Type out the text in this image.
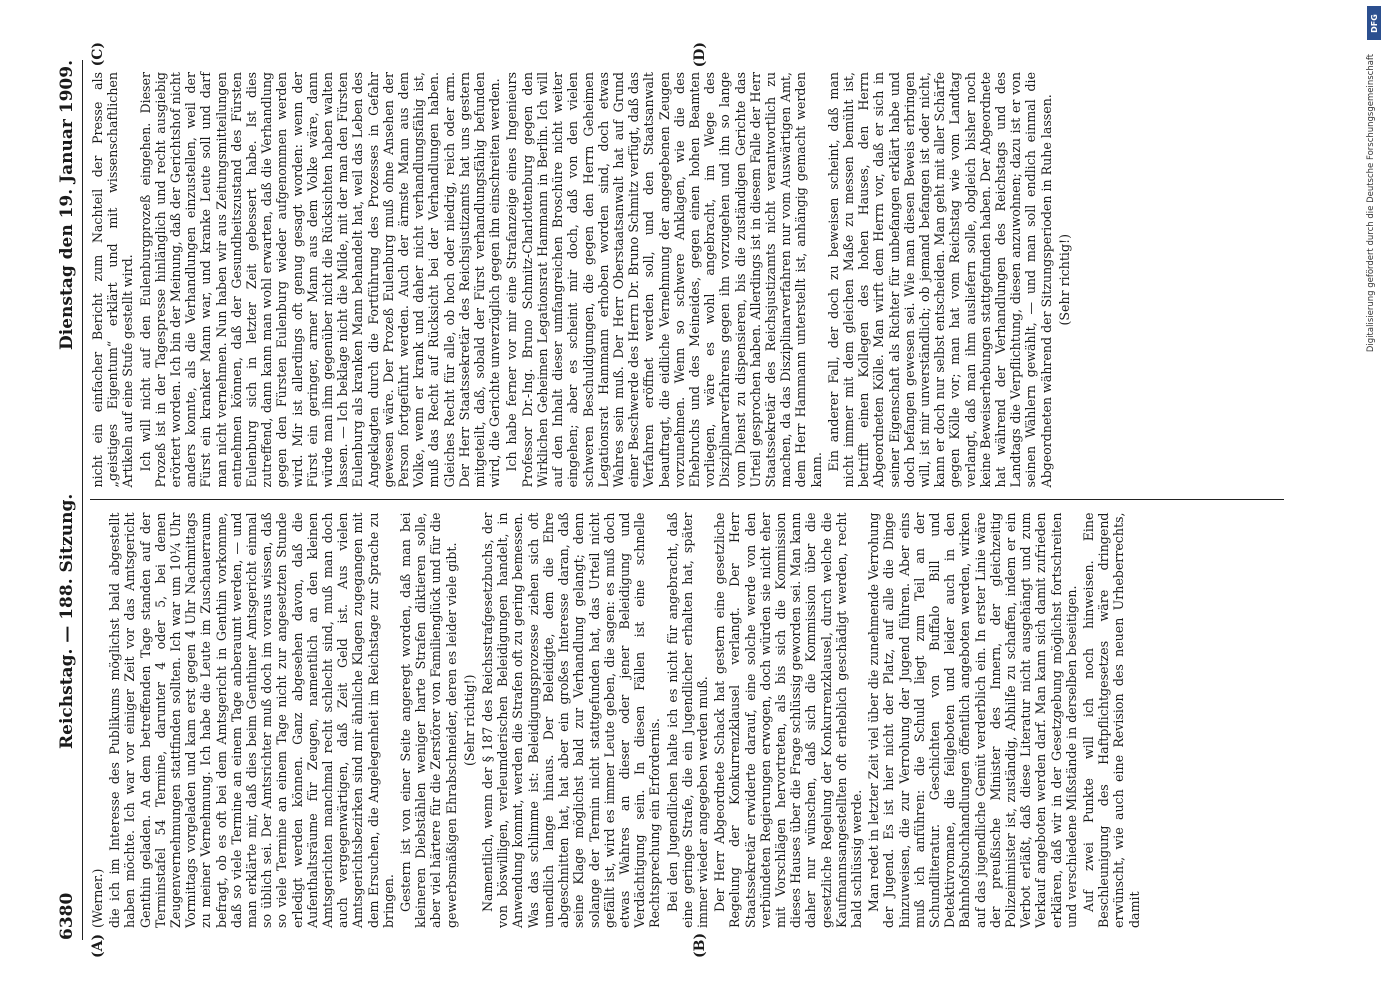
6380
Reichstag. — 188. Sitzung.
Dienstag den 19. Januar 1909.
(A)	(B)
(C)	(D)

(Werner.) die ich im Interesse des Publikums möglichst bald abgestellt haben möchte. Ich war vor einiger Zeit vor das Amtsgericht Genthin geladen. An dem betreffenden Tage standen auf der Terminstafel 54 Termine, darunter 4 oder 5, bei denen Zeugenvernehmungen stattfinden sollten. Ich war um 10¼ Uhr Vormittags vorgeladen und kam erst gegen 4 Uhr Nachmittags zu meiner Vernehmung. Ich habe die Leute im Zuschauerraum befragt, ob es oft bei dem Amtsgericht in Genthin vorkomme, daß so viele Termine an einem Tage anberaumt werden, — und man erklärte mir, daß dies beim Genthiner Amtsgericht einmal so üblich sei. Der Amtsrichter muß doch im voraus wissen, daß so viele Termine an einem Tage nicht zur angesetzten Stunde erledigt werden können. Ganz abgesehen davon, daß die Aufenthaltsräume für Zeugen, namentlich an den kleinen Amtsgerichten manchmal recht schlecht sind, muß man doch auch vergegenwärtigen, daß Zeit Geld ist. Aus vielen Amtsgerichtsbezirken sind mir ähnliche Klagen zugegangen mit dem Ersuchen, die Angelegenheit im Reichstage zur Sprache zu bringen. Gestern ist von einer Seite angeregt worden, daß man bei kleineren Diebstählen weniger harte Strafen diktieren solle, aber viel härtere für die Zerstörer von Familienglück und für die gewerbsmäßigen Ehrabschneider, deren es leider viele gibt. (Sehr richtig!) Namentlich, wenn der § 187 des Reichsstrafgesetzbuchs, der von böswilligen, verleumderischen Beleidigungen handelt, in Anwendung kommt, werden die Strafen oft zu gering bemessen. Was das schlimme ist: Beleidigungsprozesse ziehen sich oft unendlich lange hinaus. Der Beleidigte, dem die Ehre abgeschnitten hat, hat aber ein großes Interesse daran, daß seine Klage möglichst bald zur Verhandlung gelangt; denn solange der Termin nicht stattgefunden hat, das Urteil nicht gefällt ist, wird es immer Leute geben, die sagen: es muß doch etwas Wahres an dieser oder jener Beleidigung und Verdächtigung sein. In diesen Fällen ist eine schnelle Rechtsprechung ein Erfordernis. Bei den Jugendlichen halte ich es nicht für angebracht, daß eine geringe Strafe, die ein Jugendlicher erhalten hat, später immer wieder angegeben werden muß. Der Herr Abgeordnete Schack hat gestern eine gesetzliche Regelung der Konkurrenzklausel verlangt. Der Herr Staatssekretär erwiderte darauf, eine solche werde von den verbündeten Regierungen erwogen, doch würden sie nicht eher mit Vorschlägen hervortreten, als bis sich die Kommission dieses Hauses über die Frage schlüssig geworden sei. Man kann daher nur wünschen, daß sich die Kommission über die gesetzliche Regelung der Konkurrenzklausel, durch welche die Kaufmannsangestellten oft erheblich geschädigt werden, recht bald schlüssig werde. Man redet in letzter Zeit viel über die zunehmende Verrohung der Jugend. Es ist hier nicht der Platz, auf alle die Dinge hinzuweisen, die zur Verrohung der Jugend führen. Aber eins muß ich anführen: die Schuld liegt zum Teil an der Schundliteratur. Geschichten von Buffalo Bill und Detektivromane, die feilgeboten und leider auch in den Bahnhofsbuchhandlungen öffentlich angeboten werden, wirken auf das jugendliche Gemüt verderblich ein. In erster Linie wäre der preußische Minister des Innern, der gleichzeitig Polizeiminister ist, zuständig, Abhilfe zu schaffen, indem er ein Verbot erläßt, daß diese Literatur nicht ausgehängt und zum Verkauf angeboten werden darf. Man kann sich damit zufrieden erklären, daß wir in der Gesetzgebung möglichst fortschreiten und verschiedene Mißstände in derselben beseitigen. Auf zwei Punkte will ich noch hinweisen. Eine Beschleunigung des Haftpflichtgesetzes wäre dringend erwünscht, wie auch eine Revision des neuen Urheberrechts, damit

nicht ein einfacher Bericht zum Nachteil der Presse als „geistiges Eigentum“ erklärt und mit wissenschaftlichen Artikeln auf eine Stufe gestellt wird. Ich will nicht auf den Eulenburgprozeß eingehen. Dieser Prozeß ist in der Tagespresse hinlänglich und recht ausgiebig erörtert worden. Ich bin der Meinung, daß der Gerichtshof nicht anders konnte, als die Verhandlungen einzustellen, weil der Fürst ein kranker Mann war, und kranke Leute soll und darf man nicht vernehmen. Nun haben wir aus Zeitungsmitteilungen entnehmen können, daß der Gesundheitszustand des Fürsten Eulenburg sich in letzter Zeit gebessert habe. Ist dies zutreffend, dann kann man wohl erwarten, daß die Verhandlung gegen den Fürsten Eulenburg wieder aufgenommen werden wird. Mir ist allerdings oft genug gesagt worden: wenn der Fürst ein geringer, armer Mann aus dem Volke wäre, dann würde man ihm gegenüber nicht die Rücksichten haben walten lassen. — Ich beklage nicht die Milde, mit der man den Fürsten Eulenburg als kranken Mann behandelt hat, weil das Leben des Angeklagten durch die Fortführung des Prozesses in Gefahr gewesen wäre. Der Prozeß Eulenburg muß ohne Ansehen der Person fortgeführt werden. Auch der ärmste Mann aus dem Volke, wenn er krank und daher nicht verhandlungsfähig ist, muß das Recht auf Rücksicht bei der Verhandlungen haben. Gleiches Recht für alle, ob hoch oder niedrig, reich oder arm. Der Herr Staatssekretär des Reichsjustizamts hat uns gestern mitgeteilt, daß, sobald der Fürst verhandlungsfähig befunden wird, die Gerichte unverzüglich gegen ihn einschreiten werden. Ich habe ferner vor mir eine Strafanzeige eines Ingenieurs Professor Dr.-Ing. Bruno Schmitz-Charlottenburg gegen den Wirklichen Geheimen Legationsrat Hammann in Berlin. Ich will auf den Inhalt dieser umfangreichen Broschüre nicht weiter eingehen; aber es scheint mir doch, daß von den vielen schweren Beschuldigungen, die gegen den Herrn Geheimen Legationsrat Hammann erhoben worden sind, doch etwas Wahres sein muß. Der Herr Oberstaatsanwalt hat auf Grund einer Beschwerde des Herrn Dr. Bruno Schmitz verfügt, daß das Verfahren eröffnet werden soll, und den Staatsanwalt beauftragt, die eidliche Vernehmung der angegebenen Zeugen vorzunehmen. Wenn so schwere Anklagen, wie die des Ehebruchs und des Meineides, gegen einen hohen Beamten vorliegen, wäre es wohl angebracht, im Wege des Disziplinarverfahrens gegen ihn vorzugehen und ihn so lange vom Dienst zu dispensieren, bis die zuständigen Gerichte das Urteil gesprochen haben. Allerdings ist in diesem Falle der Herr Staatssekretär des Reichsjustizamts nicht verantwortlich zu machen, da das Disziplinarverfahren nur vom Auswärtigen Amt, dem Herr Hammann unterstellt ist, anhängig gemacht werden kann. Ein anderer Fall, der doch zu beweisen scheint, daß man nicht immer mit dem gleichen Maße zu messen bemüht ist, betrifft einen Kollegen des hohen Hauses, den Herrn Abgeordneten Kölle. Man wirft dem Herrn vor, daß er sich in seiner Eigenschaft als Richter für unbefangen erklärt habe und doch befangen gewesen sei. Wie man diesen Beweis erbringen will, ist mir unverständlich; ob jemand befangen ist oder nicht, kann er doch nur selbst entscheiden. Man geht mit aller Schärfe gegen Kölle vor; man hat vom Reichstag wie vom Landtag verlangt, daß man ihm ausliefern solle, obgleich bisher noch keine Beweiserhebungen stattgefunden haben. Der Abgeordnete hat während der Verhandlungen des Reichstags und des Landtags die Verpflichtung, diesen anzuwohnen; dazu ist er von seinen Wählern gewählt, — und man soll endlich einmal die Abgeordneten während der Sitzungsperioden in Ruhe lassen. (Sehr richtig!)

DFG
Digitalisierung gefördert durch die Deutsche Forschungsgemeinschaft
